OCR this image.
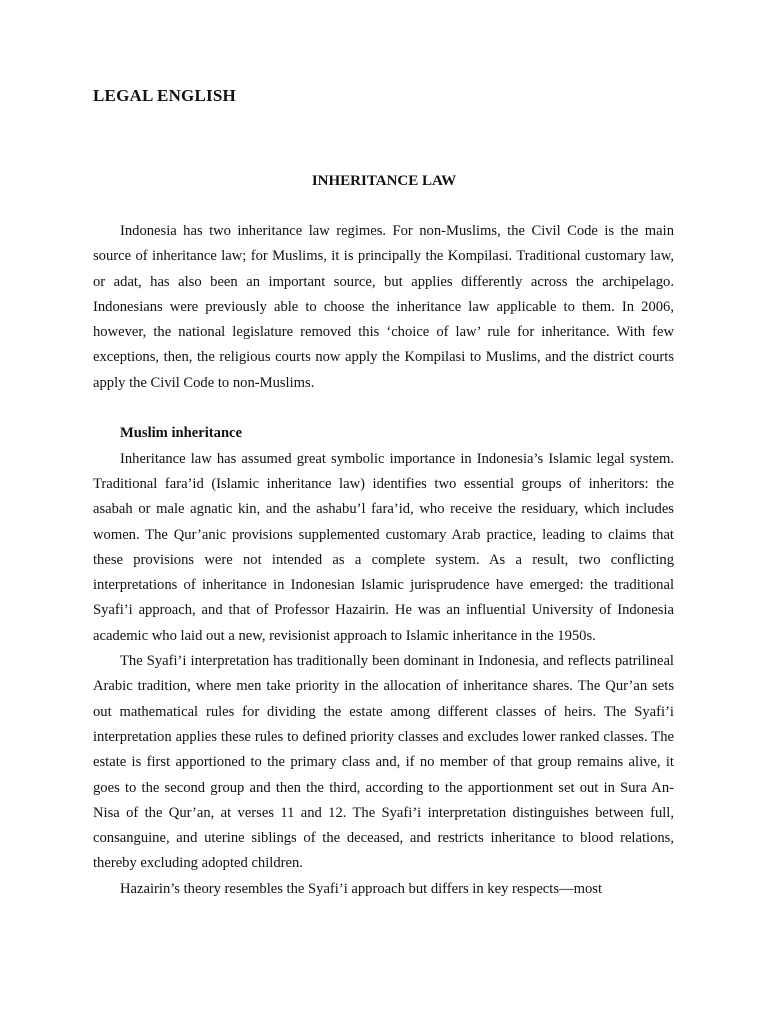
LEGAL ENGLISH
INHERITANCE LAW

Indonesia has two inheritance law regimes. For non-Muslims, the Civil Code is the main source of inheritance law; for Muslims, it is principally the Kompilasi. Traditional customary law, or adat, has also been an important source, but applies differently across the archipelago. Indonesians were previously able to choose the inheritance law applicable to them. In 2006, however, the national legislature removed this ‘choice of law’ rule for inheritance. With few exceptions, then, the religious courts now apply the Kompilasi to Muslims, and the district courts apply the Civil Code to non-Muslims.

Muslim inheritance

Inheritance law has assumed great symbolic importance in Indonesia’s Islamic legal system. Traditional fara’id (Islamic inheritance law) identifies two essential groups of inheritors: the asabah or male agnatic kin, and the ashabu’l fara’id, who receive the residuary, which includes women. The Qur’anic provisions supplemented customary Arab practice, leading to claims that these provisions were not intended as a complete system. As a result, two conflicting interpretations of inheritance in Indonesian Islamic jurisprudence have emerged: the traditional Syafi’i approach, and that of Professor Hazairin. He was an influential University of Indonesia academic who laid out a new, revisionist approach to Islamic inheritance in the 1950s.

The Syafi’i interpretation has traditionally been dominant in Indonesia, and reflects patrilineal Arabic tradition, where men take priority in the allocation of inheritance shares. The Qur’an sets out mathematical rules for dividing the estate among different classes of heirs. The Syafi’i interpretation applies these rules to defined priority classes and excludes lower ranked classes. The estate is first apportioned to the primary class and, if no member of that group remains alive, it goes to the second group and then the third, according to the apportionment set out in Sura An-Nisa of the Qur’an, at verses 11 and 12. The Syafi’i interpretation distinguishes between full, consanguine, and uterine siblings of the deceased, and restricts inheritance to blood relations, thereby excluding adopted children.

Hazairin’s theory resembles the Syafi’i approach but differs in key respects—most
